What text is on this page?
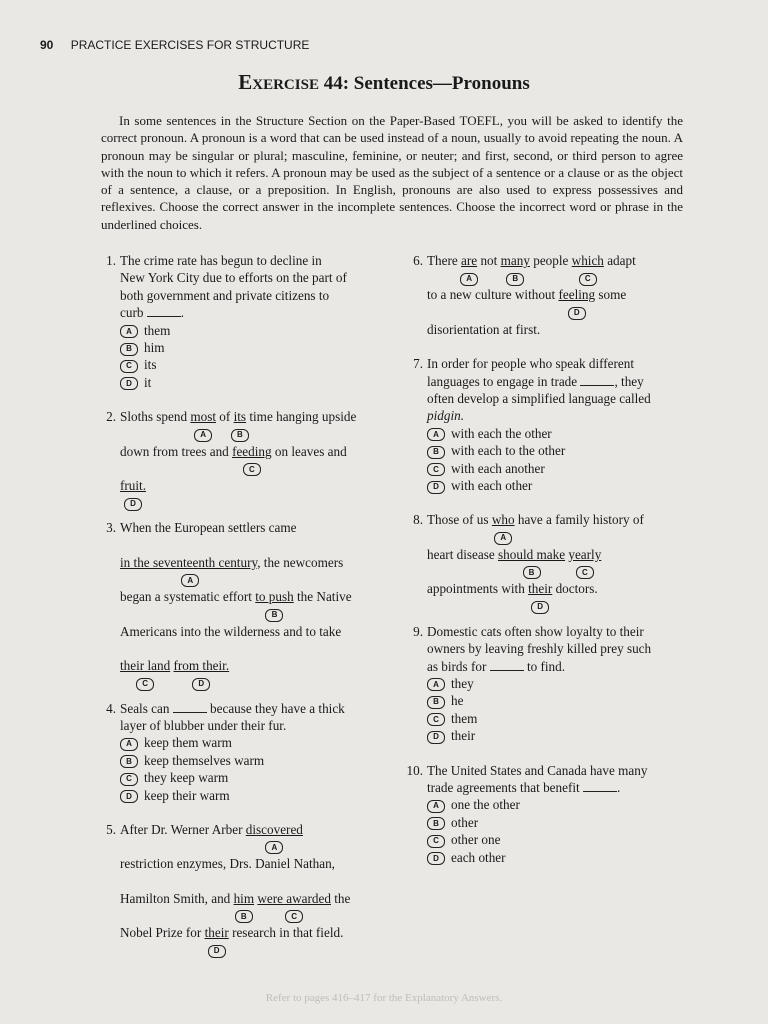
90 PRACTICE EXERCISES FOR STRUCTURE
Exercise 44: Sentences—Pronouns

In some sentences in the Structure Section on the Paper-Based TOEFL, you will be asked to identify the correct pronoun. A pronoun is a word that can be used instead of a noun, usually to avoid repeating the noun. A pronoun may be singular or plural; masculine, feminine, or neuter; and first, second, or third person to agree with the noun to which it refers. A pronoun may be used as the subject of a sentence or a clause or as the object of a sentence, a clause, or a preposition. In English, pronouns are also used to express possessives and reflexives. Choose the correct answer in the incomplete sentences. Choose the incorrect word or phrase in the underlined choices.

1. The crime rate has begun to decline in
New York City due to efforts on the part of
both government and private citizens to
curb	.
A them
B him
C its
D it
2. Sloths spend most
A
of its
B
time hanging upside
down from trees and feeding
C
on leaves and
fruit.
D
3. When the European settlers came
in the seventeenth century,
A
the newcomers
began a systematic effort to push
B
the Native
Americans into the wilderness and to take
their land
C
from their.
D
4. Seals can	because they have a thick
layer of blubber under their fur.
A keep them warm
B keep themselves warm
C they keep warm
D keep their warm
5. After Dr. Werner Arber discovered
A
restriction enzymes, Drs. Daniel Nathan,
Hamilton Smith, and him
B
were awarded
C
the
Nobel Prize for their
D
research in that field.
6. There are
A
not many
B
people which
C
adapt
to a new culture without feeling
D
some
disorientation at first.
7. In order for people who speak different
languages to engage in trade	, they
often develop a simplified language called
pidgin.
A with each the other
B with each to the other
C with each another
D with each other
8. Those of us who
A
have a family history of
heart disease should make
B
yearly
C
appointments with their
D
doctors.
9. Domestic cats often show loyalty to their
owners by leaving freshly killed prey such
as birds for	to find.
A they
B he
C them
D their
10. The United States and Canada have many
trade agreements that benefit	.
A one the other
B other
C other one
D each other
Refer to pages 416–417 for the Explanatory Answers.
